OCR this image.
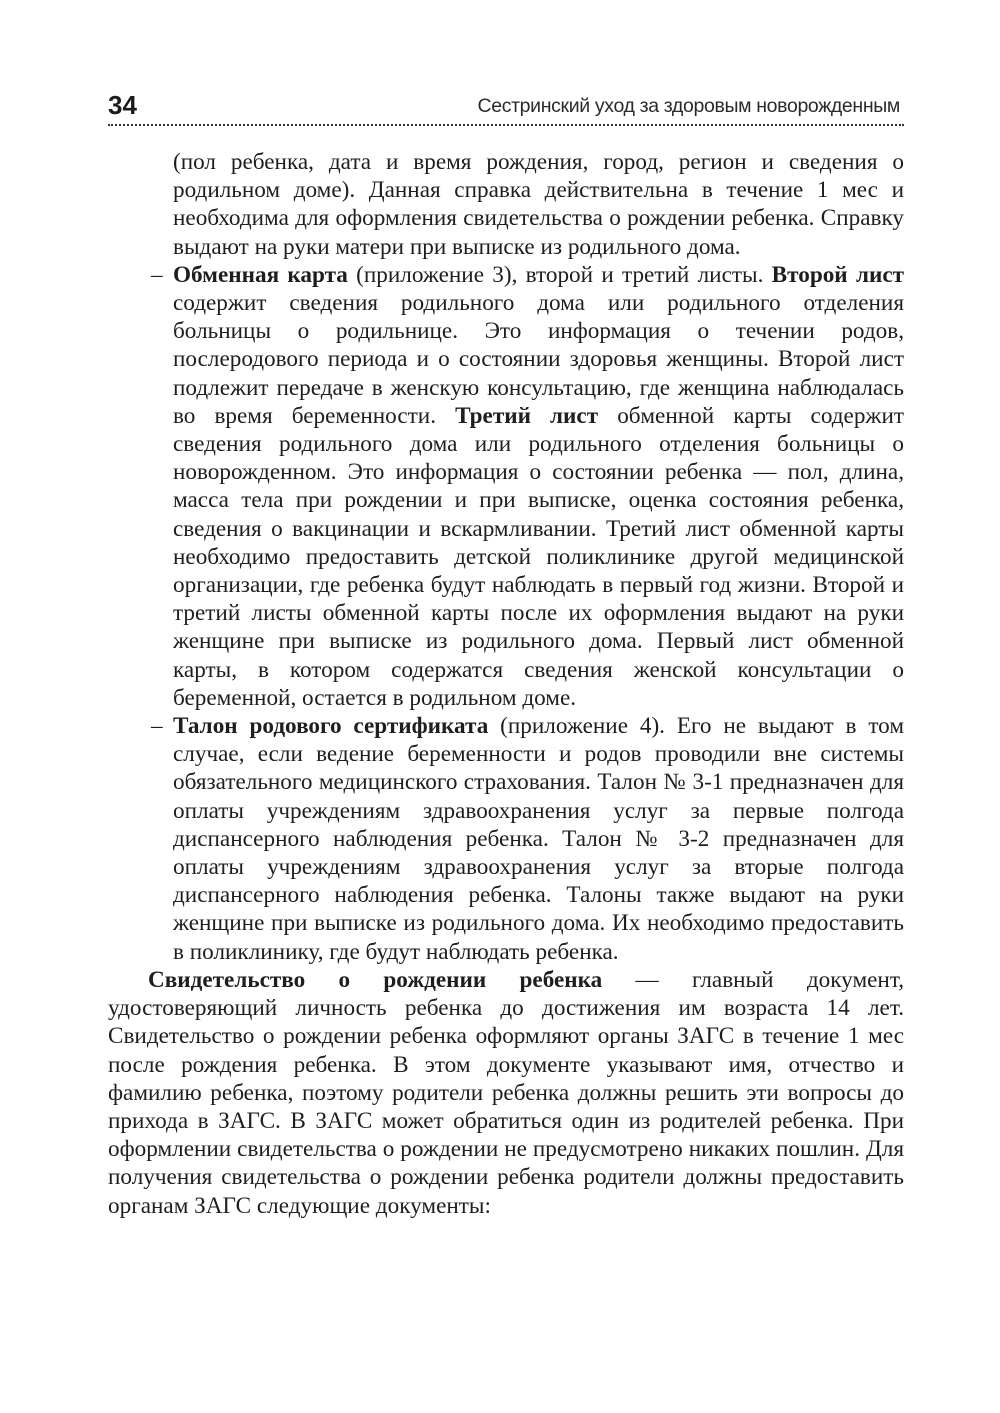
34	Сестринский уход за здоровым новорожденным

(пол ребенка, дата и время рождения, город, регион и сведения о родильном доме). Данная справка действительна в течение 1 мес и необходима для оформления свидетельства о рождении ребенка. Справку выдают на руки матери при выписке из родильного дома.

– Обменная карта (приложение 3), второй и третий листы. Второй лист содержит сведения родильного дома или родильного отделения больницы о родильнице. Это информация о течении родов, послеродового периода и о состоянии здоровья женщины. Второй лист подлежит передаче в женскую консультацию, где женщина наблюдалась во время беременности. Третий лист обменной карты содержит сведения родильного дома или родильного отделения больницы о новорожденном. Это информация о состоянии ребенка — пол, длина, масса тела при рождении и при выписке, оценка состояния ребенка, сведения о вакцинации и вскармливании. Третий лист обменной карты необходимо предоставить детской поликлинике другой медицинской организации, где ребенка будут наблюдать в первый год жизни. Второй и третий листы обменной карты после их оформления выдают на руки женщине при выписке из родильного дома. Первый лист обменной карты, в котором содержатся сведения женской консультации о беременной, остается в родильном доме.

– Талон родового сертификата (приложение 4). Его не выдают в том случае, если ведение беременности и родов проводили вне системы обязательного медицинского страхования. Талон № 3-1 предназначен для оплаты учреждениям здравоохранения услуг за первые полгода диспансерного наблюдения ребенка. Талон № 3-2 предназначен для оплаты учреждениям здравоохранения услуг за вторые полгода диспансерного наблюдения ребенка. Талоны также выдают на руки женщине при выписке из родильного дома. Их необходимо предоставить в поликлинику, где будут наблюдать ребенка.

Свидетельство о рождении ребенка — главный документ, удостоверяющий личность ребенка до достижения им возраста 14 лет. Свидетельство о рождении ребенка оформляют органы ЗАГС в течение 1 мес после рождения ребенка. В этом документе указывают имя, отчество и фамилию ребенка, поэтому родители ребенка должны решить эти вопросы до прихода в ЗАГС. В ЗАГС может обратиться один из родителей ребенка. При оформлении свидетельства о рождении не предусмотрено никаких пошлин. Для получения свидетельства о рождении ребенка родители должны предоставить органам ЗАГС следующие документы:
